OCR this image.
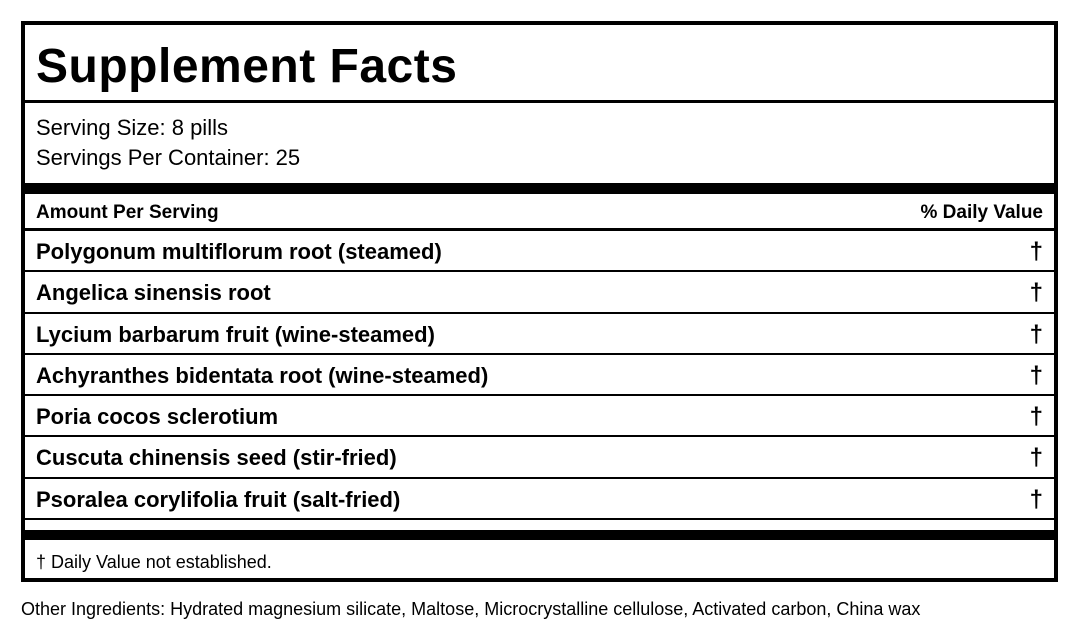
Supplement Facts
Serving Size: 8 pills
Servings Per Container: 25
Amount Per Serving	% Daily Value
Polygonum multiflorum root (steamed)	†
Angelica sinensis root	†
Lycium barbarum fruit (wine-steamed)	†
Achyranthes bidentata root (wine-steamed)	†
Poria cocos sclerotium	†
Cuscuta chinensis seed (stir-fried)	†
Psoralea corylifolia fruit (salt-fried)	†
† Daily Value not established.
Other Ingredients: Hydrated magnesium silicate, Maltose, Microcrystalline cellulose, Activated carbon, China wax
